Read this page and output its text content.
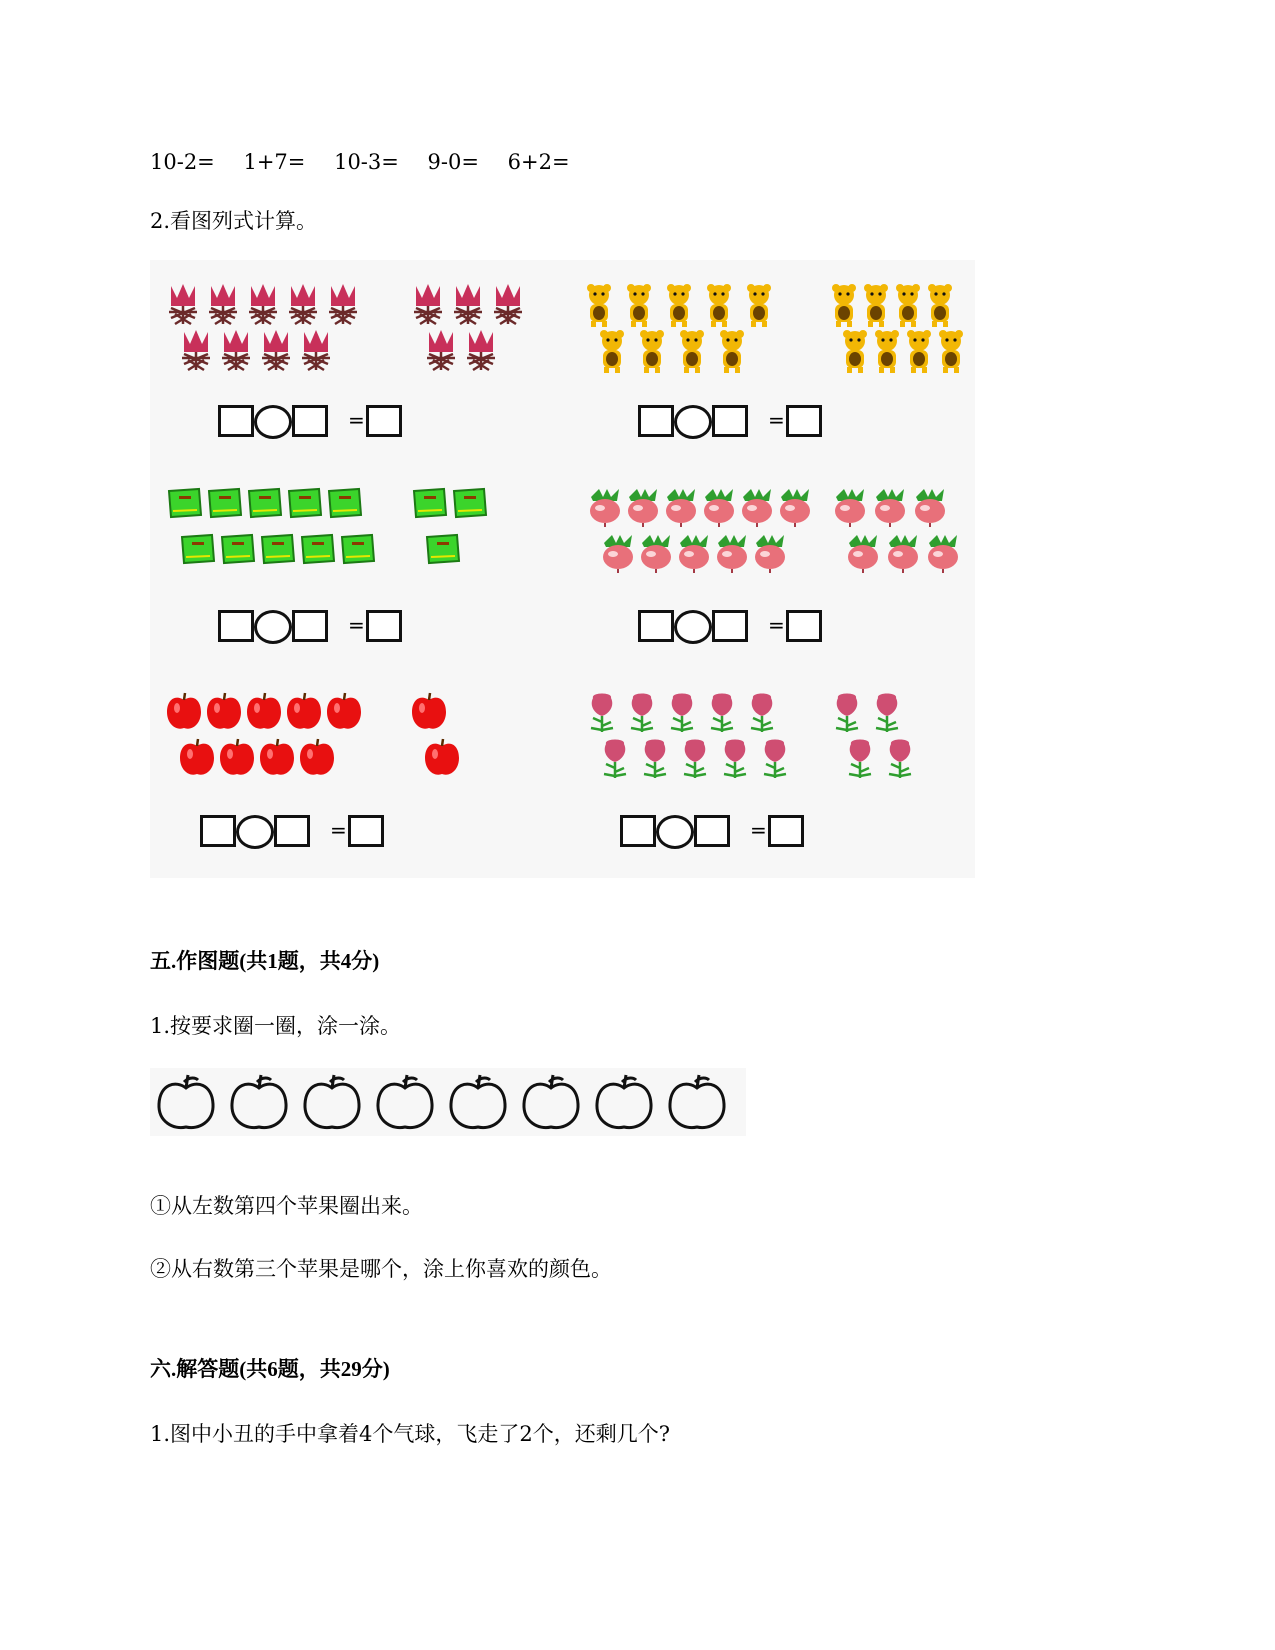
10-2= 1+7= 10-3= 9-0= 6+2=
2.看图列式计算。
=	=
=	=
=	=
五.作图题(共1题，共4分)
1.按要求圈一圈，涂一涂。
①从左数第四个苹果圈出来。
②从右数第三个苹果是哪个，涂上你喜欢的颜色。
六.解答题(共6题，共29分)
1.图中小丑的手中拿着4个气球，飞走了2个，还剩几个?
